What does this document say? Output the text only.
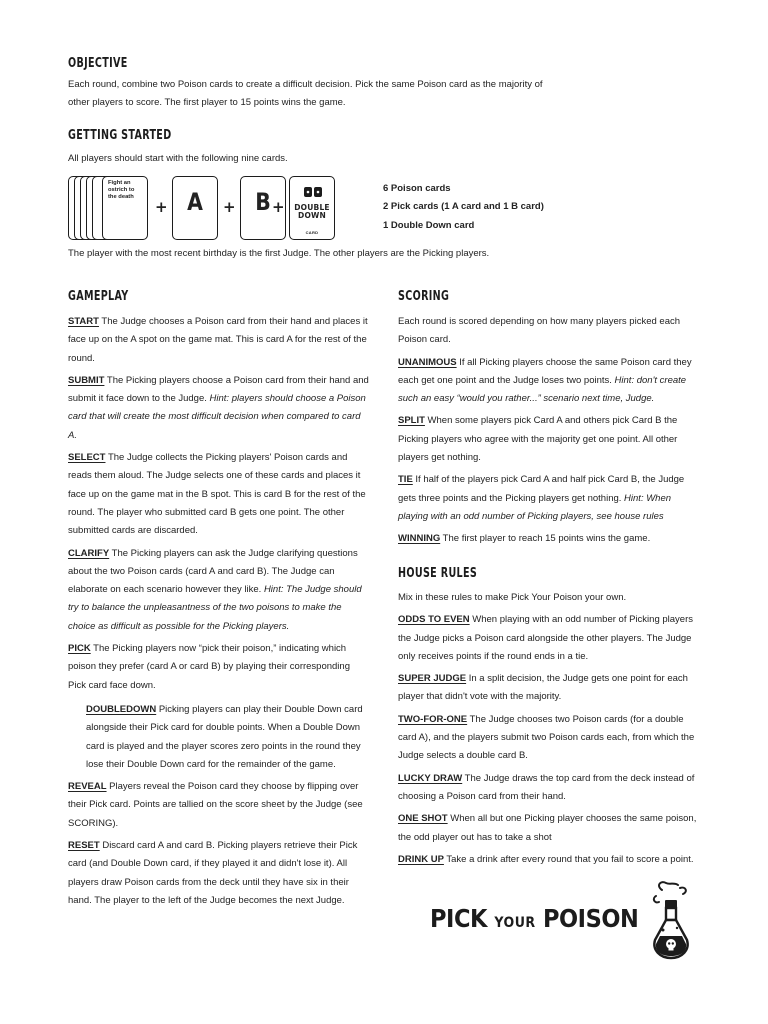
OBJECTIVE
Each round, combine two Poison cards to create a difficult decision. Pick the same Poison card as the majority of other players to score. The first player to 15 points wins the game.
GETTING STARTED
All players should start with the following nine cards.
Fight an ostrich to the death
+ A	+ B +	DOUBLE
DOWN
CARD
6 Poison cards
2 Pick cards (1 A card and 1 B card)
1 Double Down card
The player with the most recent birthday is the first Judge. The other players are the Picking players.
GAMEPLAY
START The Judge chooses a Poison card from their hand and places it face up on the A spot on the game mat. This is card A for the rest of the round.
SUBMIT The Picking players choose a Poison card from their hand and submit it face down to the Judge. Hint: players should choose a Poison card that will create the most difficult decision when compared to card A.
SELECT The Judge collects the Picking players' Poison cards and reads them aloud. The Judge selects one of these cards and places it face up on the game mat in the B spot. This is card B for the rest of the round. The player who submitted card B gets one point. The other submitted cards are discarded.
CLARIFY The Picking players can ask the Judge clarifying questions about the two Poison cards (card A and card B). The Judge can elaborate on each scenario however they like. Hint: The Judge should try to balance the unpleasantness of the two poisons to make the choice as difficult as possible for the Picking players.
PICK The Picking players now “pick their poison,” indicating which poison they prefer (card A or card B) by playing their corresponding Pick card face down.
DOUBLEDOWN Picking players can play their Double Down card alongside their Pick card for double points. When a Double Down card is played and the player scores zero points in the round they lose their Double Down card for the remainder of the game.
REVEAL Players reveal the Poison card they choose by flipping over their Pick card. Points are tallied on the score sheet by the Judge (see SCORING).
RESET Discard card A and card B. Picking players retrieve their Pick card (and Double Down card, if they played it and didn't lose it). All players draw Poison cards from the deck until they have six in their hand. The player to the left of the Judge becomes the next Judge.
SCORING
Each round is scored depending on how many players picked each Poison card.
UNANIMOUS If all Picking players choose the same Poison card they each get one point and the Judge loses two points. Hint: don't create such an easy “would you rather...” scenario next time, Judge.
SPLIT When some players pick Card A and others pick Card B the Picking players who agree with the majority get one point. All other players get nothing.
TIE If half of the players pick Card A and half pick Card B, the Judge gets three points and the Picking players get nothing. Hint: When playing with an odd number of Picking players, see house rules
WINNING The first player to reach 15 points wins the game.
HOUSE RULES
Mix in these rules to make Pick Your Poison your own.
ODDS TO EVEN When playing with an odd number of Picking players the Judge picks a Poison card alongside the other players. The Judge only receives points if the round ends in a tie.
SUPER JUDGE In a split decision, the Judge gets one point for each player that didn't vote with the majority.
TWO-FOR-ONE The Judge chooses two Poison cards (for a double card A), and the players submit two Poison cards each, from which the Judge selects a double card B.
LUCKY DRAW The Judge draws the top card from the deck instead of choosing a Poison card from their hand.
ONE SHOT When all but one Picking player chooses the same poison, the odd player out has to take a shot
DRINK UP Take a drink after every round that you fail to score a point.
PICK YOUR POISON
